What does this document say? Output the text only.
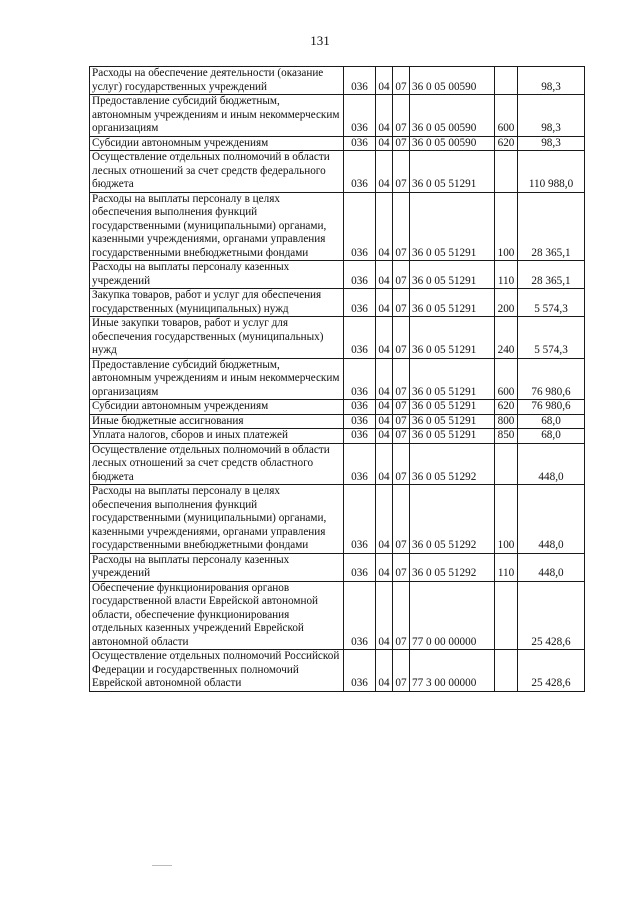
131
Расходы на обеспечение деятельности (оказание услуг) государственных учреждений	036	04	07	36 0 05 00590		98,3
Предоставление субсидий бюджетным, автономным учреждениям и иным некоммерческим организациям	036	04	07	36 0 05 00590	600	98,3
Субсидии автономным учреждениям	036	04	07	36 0 05 00590	620	98,3
Осуществление отдельных полномочий в области лесных отношений за счет средств федерального бюджета	036	04	07	36 0 05 51291		110 988,0
Расходы на выплаты персоналу в целях обеспечения выполнения функций государственными (муниципальными) органами, казенными учреждениями, органами управления государственными внебюджетными фондами	036	04	07	36 0 05 51291	100	28 365,1
Расходы на выплаты персоналу казенных учреждений	036	04	07	36 0 05 51291	110	28 365,1
Закупка товаров, работ и услуг для обеспечения государственных (муниципальных) нужд	036	04	07	36 0 05 51291	200	5 574,3
Иные закупки товаров, работ и услуг для обеспечения государственных (муниципальных) нужд	036	04	07	36 0 05 51291	240	5 574,3
Предоставление субсидий бюджетным, автономным учреждениям и иным некоммерческим организациям	036	04	07	36 0 05 51291	600	76 980,6
Субсидии автономным учреждениям	036	04	07	36 0 05 51291	620	76 980,6
Иные бюджетные ассигнования	036	04	07	36 0 05 51291	800	68,0
Уплата налогов, сборов и иных платежей	036	04	07	36 0 05 51291	850	68,0
Осуществление отдельных полномочий в области лесных отношений за счет средств областного бюджета	036	04	07	36 0 05 51292		448,0
Расходы на выплаты персоналу в целях обеспечения выполнения функций государственными (муниципальными) органами, казенными учреждениями, органами управления государственными внебюджетными фондами	036	04	07	36 0 05 51292	100	448,0
Расходы на выплаты персоналу казенных учреждений	036	04	07	36 0 05 51292	110	448,0
Обеспечение функционирования органов государственной власти Еврейской автономной области, обеспечение функционирования отдельных казенных учреждений Еврейской автономной области	036	04	07	77 0 00 00000		25 428,6
Осуществление отдельных полномочий Российской Федерации и государственных полномочий Еврейской автономной области	036	04	07	77 3 00 00000		25 428,6
